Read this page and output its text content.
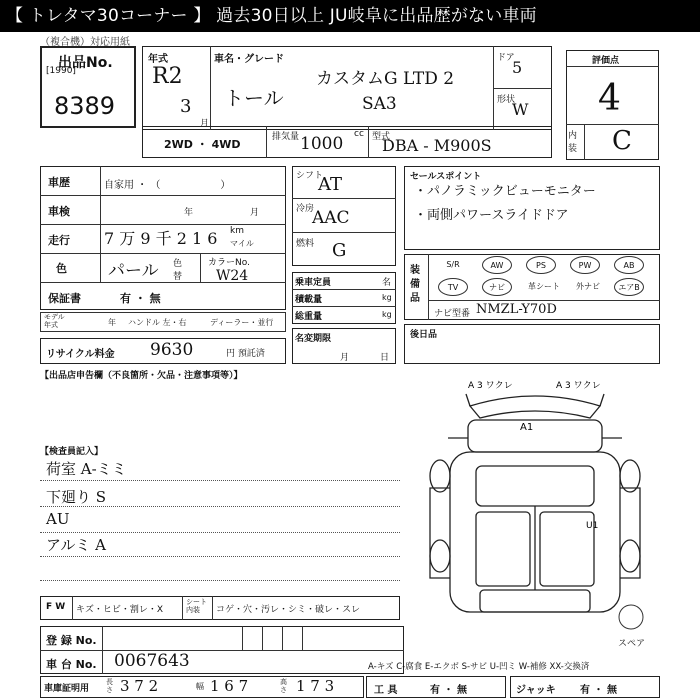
【 トレタマ30コーナー 】 過去30日以上 JU岐阜に出品歴がない車両
（複合機）対応用紙
出品No.
[1990]
8389
年式
R2
3
月
車名・グレード
トール
カスタムG LTD 2
SA3
ドア
5
形状
W
評価点
4
内装 C
2WD ・ 4WD
排気量 1000 cc 型式
DBA - M900S
車歴	自家用 ・ （　　　　　　）
車検	年	月
走行 7 万 9 千 2 1 6 km
マイル
色 パール 色替
カラーNo.
W24
保証書	有 ・ 無
モデル年式	年 ハンドル 左・右	ディーラー・並行
リサイクル料金 9630	円 預託済
シフト
AT
冷房
AAC
燃料 G
乗車定員	名
積載量	kg
総重量	kg
名変期限
月	日
セールスポイント
・パノラミックビューモニター
・両側パワースライドドア
装備品
S/R	AW	PS	PW	AB
TV	ナビ	革シート	外ナビ	エアB
ナビ型番 NMZL-Y70D
後日品
【出品店申告欄（不良箇所・欠品・注意事項等）】
【検査員記入】
荷室 A-ミミ
下廻り S
AU
アルミ A
A 3 ワクレ	A 3 ワクレ
A1
U1
スペア
F W キズ・ヒビ・割レ・X
シート内装	コゲ・穴・汚レ・シミ・破レ・スレ
登 録 No.
車 台 No. 0067643
車庫証明用
長さ 3 7 2	幅 1 6 7	高さ 1 7 3
A-キズ C-腐食 E-エクボ S-サビ U-凹ミ W-補修 XX-交換済
工 具	有 ・ 無	ジャッキ 有 ・ 無
